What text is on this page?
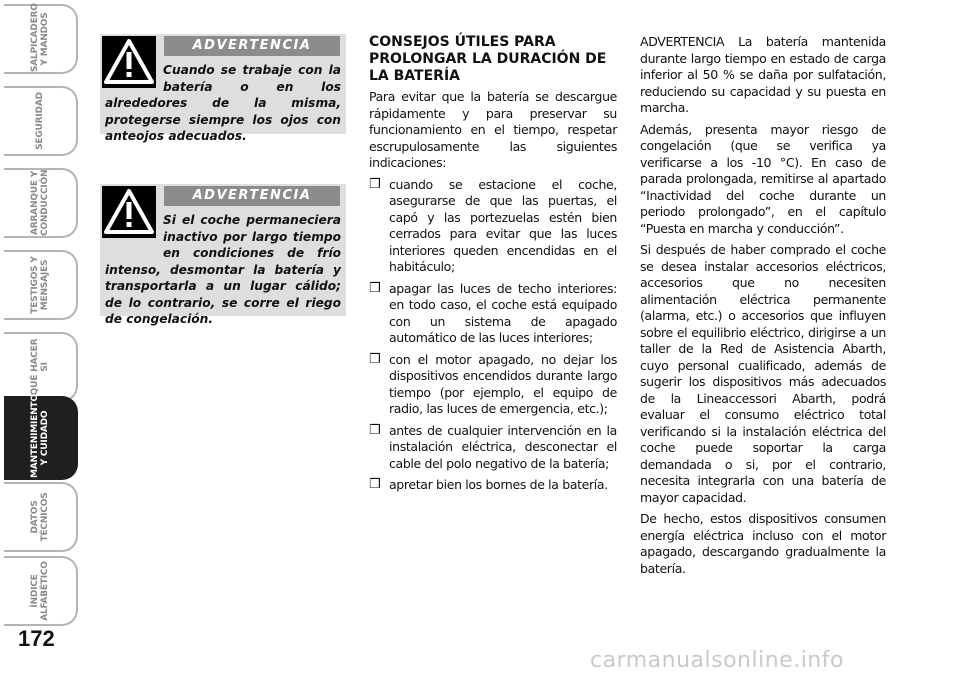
SALPICADERO
Y MANDOS
SEGURIDAD
ARRANQUE Y
CONDUCCIÓN
TESTIGOS Y
MENSAJES
QUÉ HACER SI
MANTENIMIENTO
Y CUIDADO
DATOS
TÉCNICOS
ÍNDICE
ALFABÉTICO
172

Cuando se trabaje con la batería o en los alrededores de la misma, protegerse siempre los ojos con anteojos adecuados.

ADVERTENCIA

Si el coche permaneciera inactivo por largo tiempo en condiciones de frío intenso, desmontar la batería y transportarla a un lugar cálido; de lo contrario, se corre el riego de congelación.

ADVERTENCIA
CONSEJOS ÚTILES PARA PROLONGAR LA DURACIÓN DE LA BATERÍA

Para evitar que la batería se descargue rápidamente y para preservar su funcionamiento en el tiempo, respetar escrupulosamente las siguientes indicaciones:

❒ cuando se estacione el coche, asegurarse de que las puertas, el capó y las portezuelas estén bien cerrados para evitar que las luces interiores queden encendidas en el habitáculo;
❒ apagar las luces de techo interiores: en todo caso, el coche está equipado con un sistema de apagado automático de las luces interiores;
❒ con el motor apagado, no dejar los dispositivos encendidos durante largo tiempo (por ejemplo, el equipo de radio, las luces de emergencia, etc.);
❒ antes de cualquier intervención en la instalación eléctrica, desconectar el cable del polo negativo de la batería;
❒ apretar bien los bornes de la batería.

ADVERTENCIA La batería mantenida durante largo tiempo en estado de carga inferior al 50 % se daña por sulfatación, reduciendo su capacidad y su puesta en marcha.

Además, presenta mayor riesgo de congelación (que se verifica ya verificarse a los -10 °C). En caso de parada prolongada, remitirse al apartado “Inactividad del coche durante un periodo prolongado”, en el capítulo “Puesta en marcha y conducción”.

Si después de haber comprado el coche se desea instalar accesorios eléctricos, accesorios que no necesiten alimentación eléctrica permanente (alarma, etc.) o accesorios que influyen sobre el equilibrio eléctrico, dirigirse a un taller de la Red de Asistencia Abarth, cuyo personal cualificado, además de sugerir los dispositivos más adecuados de la Lineaccessori Abarth, podrá evaluar el consumo eléctrico total verificando si la instalación eléctrica del coche puede soportar la carga demandada o si, por el contrario, necesita integrarla con una batería de mayor capacidad.

De hecho, estos dispositivos consumen energía eléctrica incluso con el motor apagado, descargando gradualmente la batería.

carmanualsonline.info
